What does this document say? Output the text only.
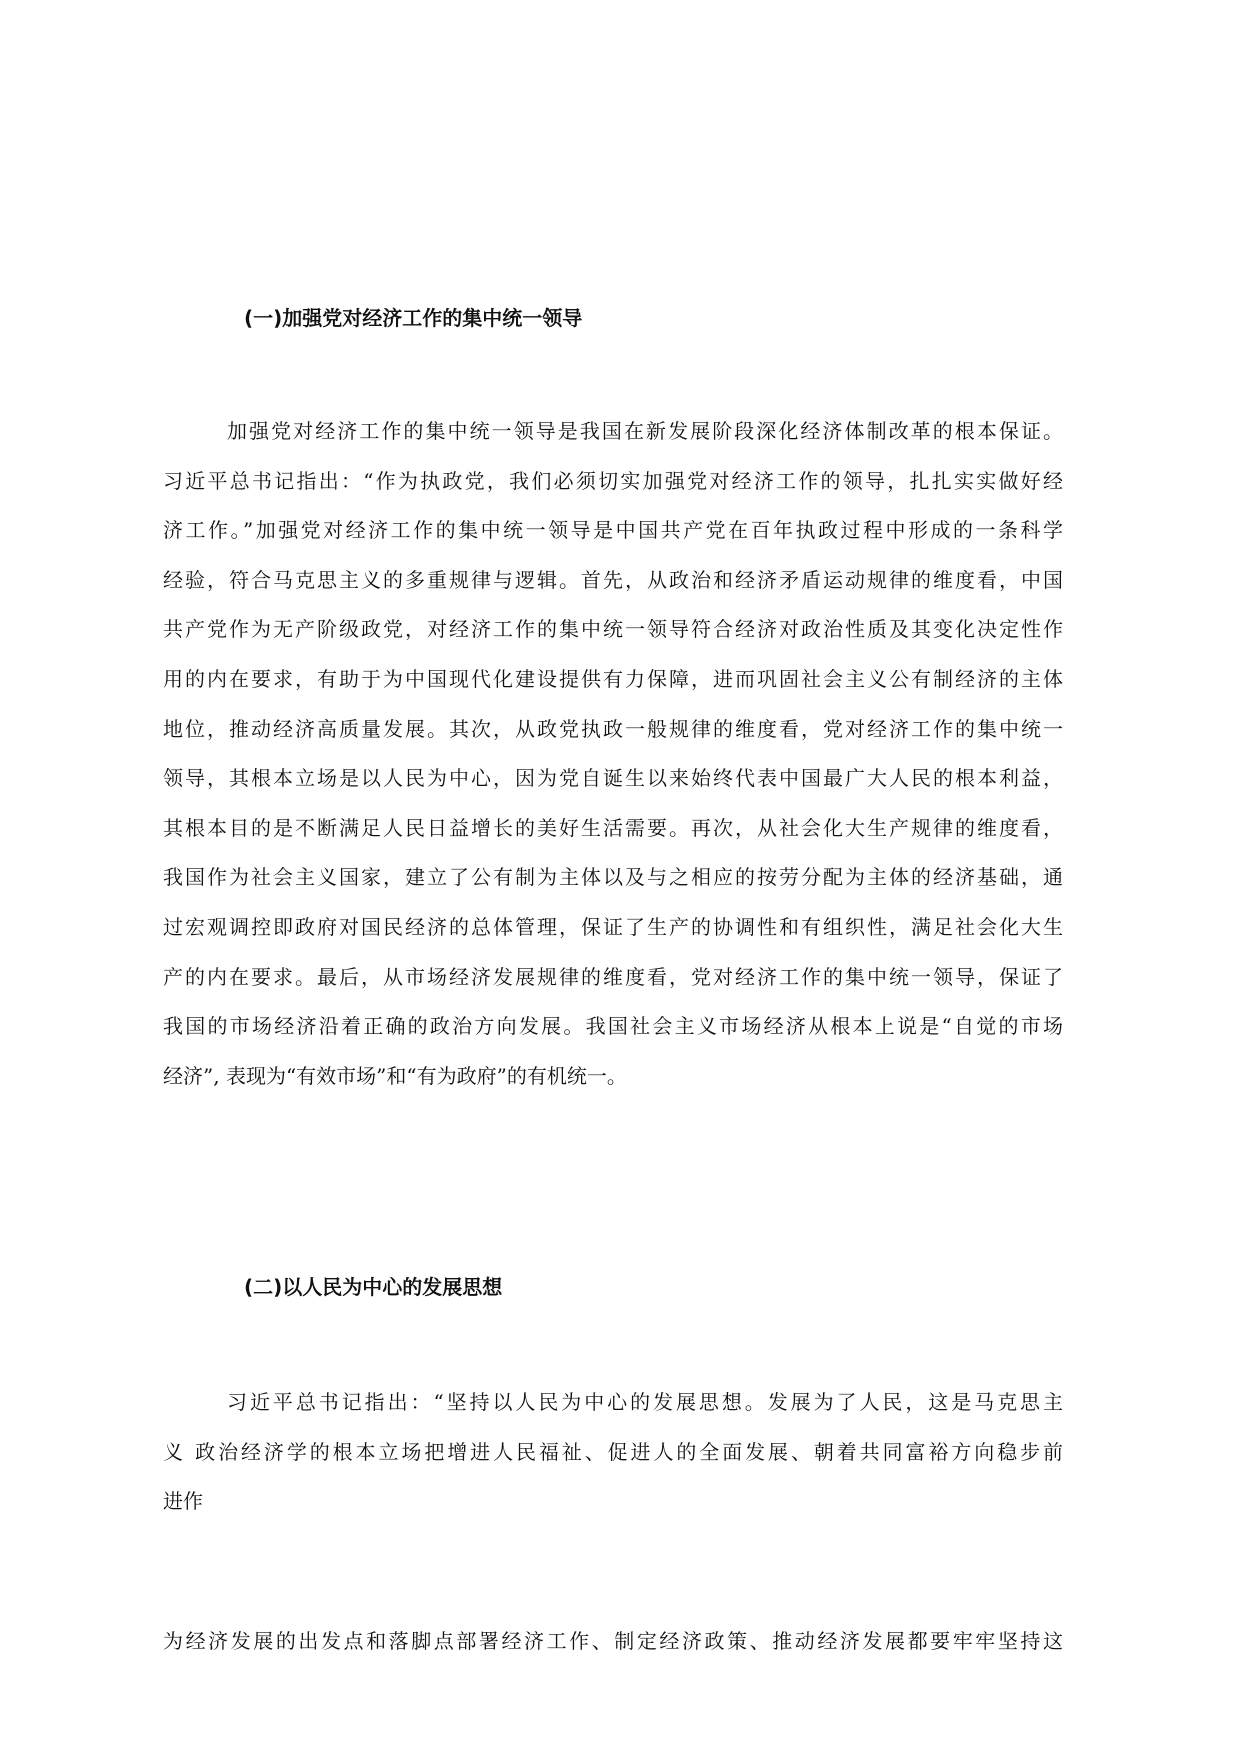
(一)加强党对经济工作的集中统一领导
加强党对经济工作的集中统一领导是我国在新发展阶段深化经济体制改革的根本保证。
习近平总书记指出：“作为执政党，我们必须切实加强党对经济工作的领导，扎扎实实做好经
济工作。”加强党对经济工作的集中统一领导是中国共产党在百年执政过程中形成的一条科学
经验，符合马克思主义的多重规律与逻辑。首先，从政治和经济矛盾运动规律的维度看，中国
共产党作为无产阶级政党，对经济工作的集中统一领导符合经济对政治性质及其变化决定性作
用的内在要求，有助于为中国现代化建设提供有力保障，进而巩固社会主义公有制经济的主体
地位，推动经济高质量发展。其次，从政党执政一般规律的维度看，党对经济工作的集中统一
领导，其根本立场是以人民为中心，因为党自诞生以来始终代表中国最广大人民的根本利益，
其根本目的是不断满足人民日益增长的美好生活需要。再次，从社会化大生产规律的维度看，
我国作为社会主义国家，建立了公有制为主体以及与之相应的按劳分配为主体的经济基础，通
过宏观调控即政府对国民经济的总体管理，保证了生产的协调性和有组织性，满足社会化大生
产的内在要求。最后，从市场经济发展规律的维度看，党对经济工作的集中统一领导，保证了
我国的市场经济沿着正确的政治方向发展。我国社会主义市场经济从根本上说是“自觉的市场
经济”, 表现为“有效市场”和“有为政府”的有机统一。
(二)以人民为中心的发展思想
习近平总书记指出：“坚持以人民为中心的发展思想。发展为了人民，这是马克思主
义 政治经济学的根本立场把增进人民福祉、促进人的全面发展、朝着共同富裕方向稳步前
进作
为经济发展的出发点和落脚点部署经济工作、制定经济政策、推动经济发展都要牢牢坚持这
